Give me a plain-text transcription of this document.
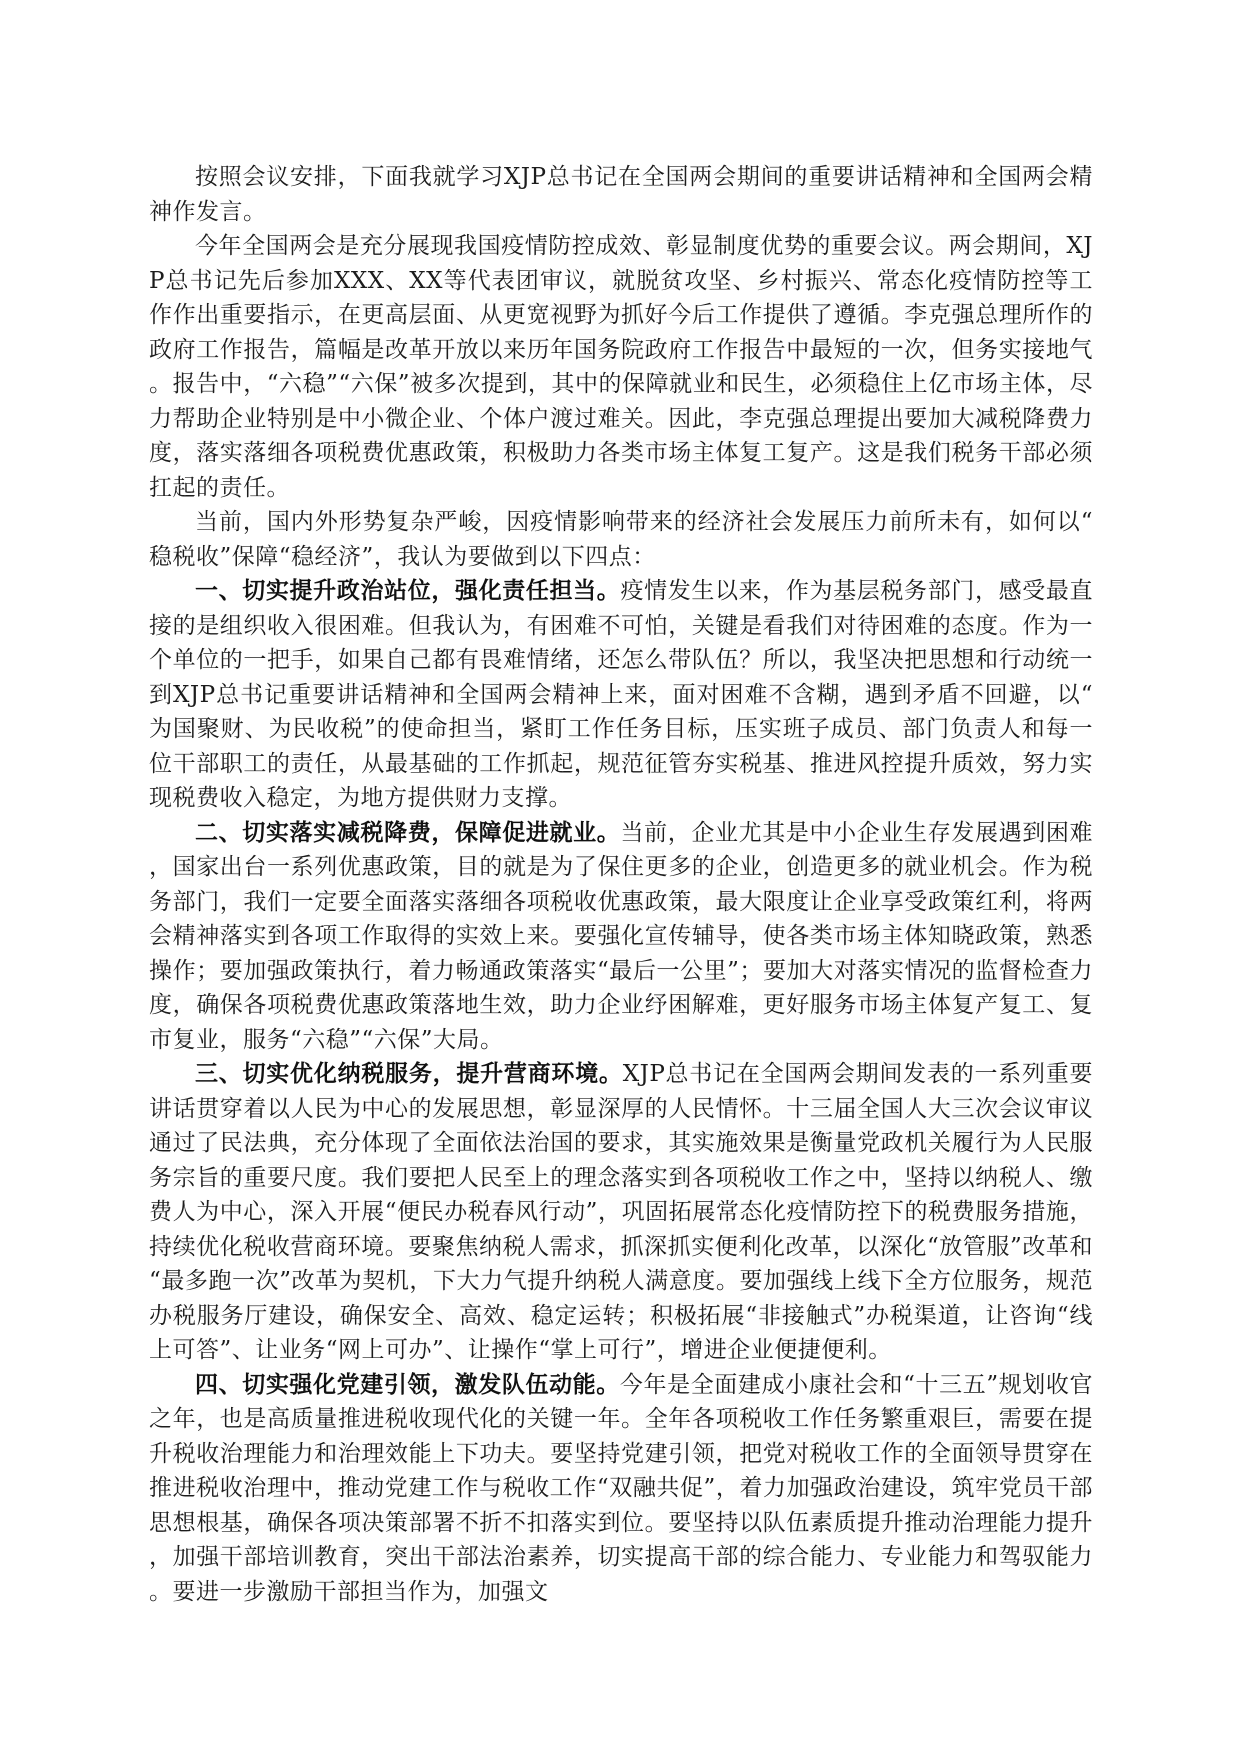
按照会议安排，下面我就学习XJP总书记在全国两会期间的重要讲话精神和全国两会精神作发言。

今年全国两会是充分展现我国疫情防控成效、彰显制度优势的重要会议。两会期间，XJP总书记先后参加XXX、XX等代表团审议，就脱贫攻坚、乡村振兴、常态化疫情防控等工作作出重要指示，在更高层面、从更宽视野为抓好今后工作提供了遵循。李克强总理所作的政府工作报告，篇幅是改革开放以来历年国务院政府工作报告中最短的一次，但务实接地气。报告中，“六稳”“六保”被多次提到，其中的保障就业和民生，必须稳住上亿市场主体，尽力帮助企业特别是中小微企业、个体户渡过难关。因此，李克强总理提出要加大减税降费力度，落实落细各项税费优惠政策，积极助力各类市场主体复工复产。这是我们税务干部必须扛起的责任。

当前，国内外形势复杂严峻，因疫情影响带来的经济社会发展压力前所未有，如何以“稳税收”保障“稳经济”，我认为要做到以下四点：

一、切实提升政治站位，强化责任担当。疫情发生以来，作为基层税务部门，感受最直接的是组织收入很困难。但我认为，有困难不可怕，关键是看我们对待困难的态度。作为一个单位的一把手，如果自己都有畏难情绪，还怎么带队伍？所以，我坚决把思想和行动统一到XJP总书记重要讲话精神和全国两会精神上来，面对困难不含糊，遇到矛盾不回避，以“为国聚财、为民收税”的使命担当，紧盯工作任务目标，压实班子成员、部门负责人和每一位干部职工的责任，从最基础的工作抓起，规范征管夯实税基、推进风控提升质效，努力实现税费收入稳定，为地方提供财力支撑。

二、切实落实减税降费，保障促进就业。当前，企业尤其是中小企业生存发展遇到困难，国家出台一系列优惠政策，目的就是为了保住更多的企业，创造更多的就业机会。作为税务部门，我们一定要全面落实落细各项税收优惠政策，最大限度让企业享受政策红利，将两会精神落实到各项工作取得的实效上来。要强化宣传辅导，使各类市场主体知晓政策，熟悉操作；要加强政策执行，着力畅通政策落实“最后一公里”；要加大对落实情况的监督检查力度，确保各项税费优惠政策落地生效，助力企业纾困解难，更好服务市场主体复产复工、复市复业，服务“六稳”“六保”大局。

三、切实优化纳税服务，提升营商环境。XJP总书记在全国两会期间发表的一系列重要讲话贯穿着以人民为中心的发展思想，彰显深厚的人民情怀。十三届全国人大三次会议审议通过了民法典，充分体现了全面依法治国的要求，其实施效果是衡量党政机关履行为人民服务宗旨的重要尺度。我们要把人民至上的理念落实到各项税收工作之中，坚持以纳税人、缴费人为中心，深入开展“便民办税春风行动”，巩固拓展常态化疫情防控下的税费服务措施，持续优化税收营商环境。要聚焦纳税人需求，抓深抓实便利化改革，以深化“放管服”改革和“最多跑一次”改革为契机，下大力气提升纳税人满意度。要加强线上线下全方位服务，规范办税服务厅建设，确保安全、高效、稳定运转；积极拓展“非接触式”办税渠道，让咨询“线上可答”、让业务“网上可办”、让操作“掌上可行”，增进企业便捷便利。

四、切实强化党建引领，激发队伍动能。今年是全面建成小康社会和“十三五”规划收官之年，也是高质量推进税收现代化的关键一年。全年各项税收工作任务繁重艰巨，需要在提升税收治理能力和治理效能上下功夫。要坚持党建引领，把党对税收工作的全面领导贯穿在推进税收治理中，推动党建工作与税收工作“双融共促”，着力加强政治建设，筑牢党员干部思想根基，确保各项决策部署不折不扣落实到位。要坚持以队伍素质提升推动治理能力提升，加强干部培训教育，突出干部法治素养，切实提高干部的综合能力、专业能力和驾驭能力。要进一步激励干部担当作为，加强文
